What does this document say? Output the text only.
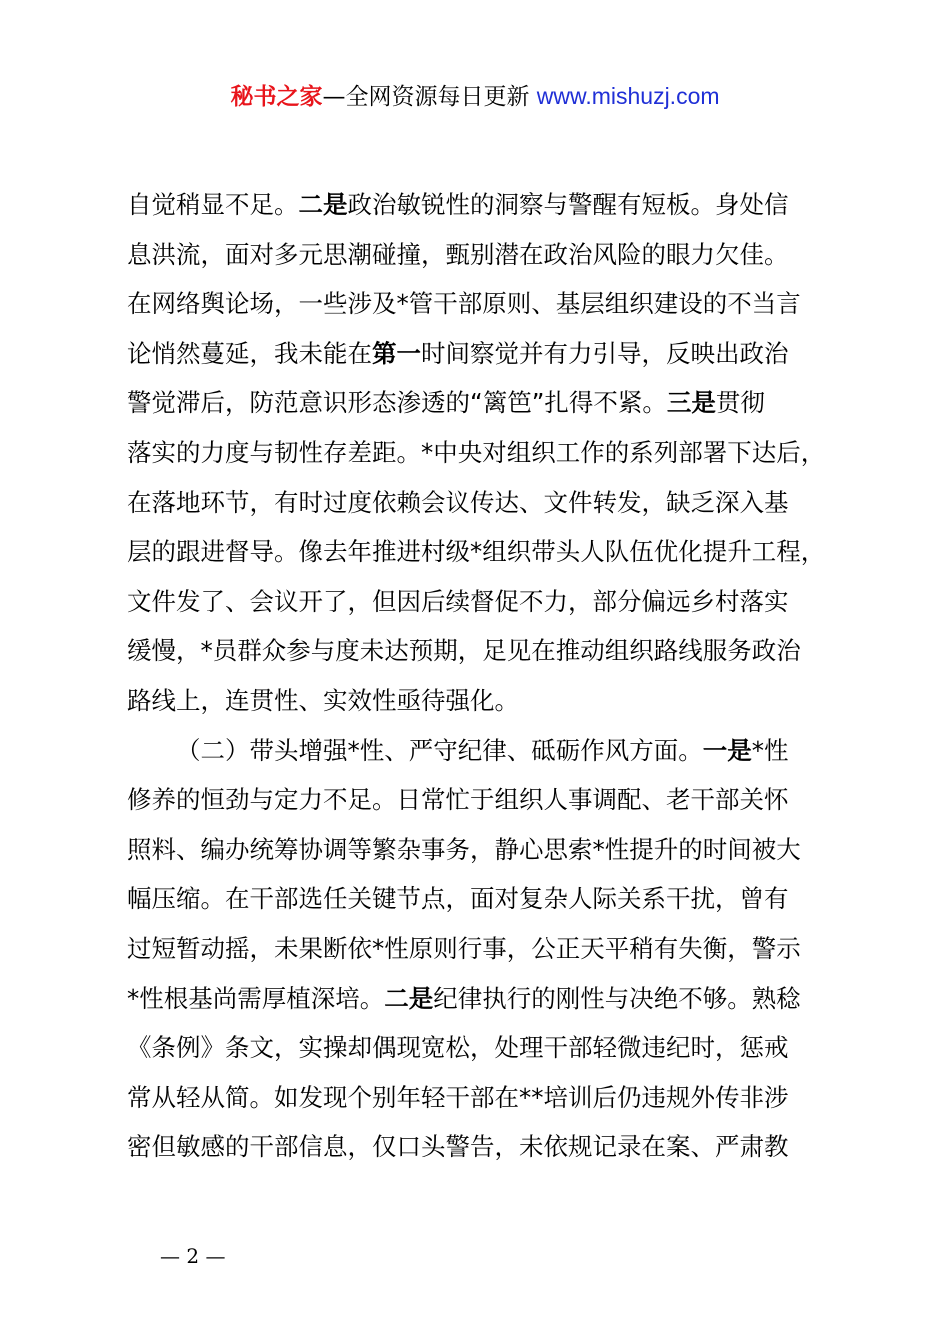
秘书之家—全网资源每日更新 www.mishuzj.com
自觉稍显不足。二是政治敏锐性的洞察与警醒有短板。身处信
息洪流，面对多元思潮碰撞，甄别潜在政治风险的眼力欠佳。
在网络舆论场，一些涉及*管干部原则、基层组织建设的不当言
论悄然蔓延，我未能在第一时间察觉并有力引导，反映出政治
警觉滞后，防范意识形态渗透的“篱笆”扎得不紧。三是贯彻
落实的力度与韧性存差距。*中央对组织工作的系列部署下达后，
在落地环节，有时过度依赖会议传达、文件转发，缺乏深入基
层的跟进督导。像去年推进村级*组织带头人队伍优化提升工程，
文件发了、会议开了，但因后续督促不力，部分偏远乡村落实
缓慢，*员群众参与度未达预期，足见在推动组织路线服务政治
路线上，连贯性、实效性亟待强化。
（二）带头增强*性、严守纪律、砥砺作风方面。一是*性
修养的恒劲与定力不足。日常忙于组织人事调配、老干部关怀
照料、编办统筹协调等繁杂事务，静心思索*性提升的时间被大
幅压缩。在干部选任关键节点，面对复杂人际关系干扰，曾有
过短暂动摇，未果断依*性原则行事，公正天平稍有失衡，警示
*性根基尚需厚植深培。二是纪律执行的刚性与决绝不够。熟稔
《条例》条文，实操却偶现宽松，处理干部轻微违纪时，惩戒
常从轻从简。如发现个别年轻干部在**培训后仍违规外传非涉
密但敏感的干部信息，仅口头警告，未依规记录在案、严肃教
— 2 —
